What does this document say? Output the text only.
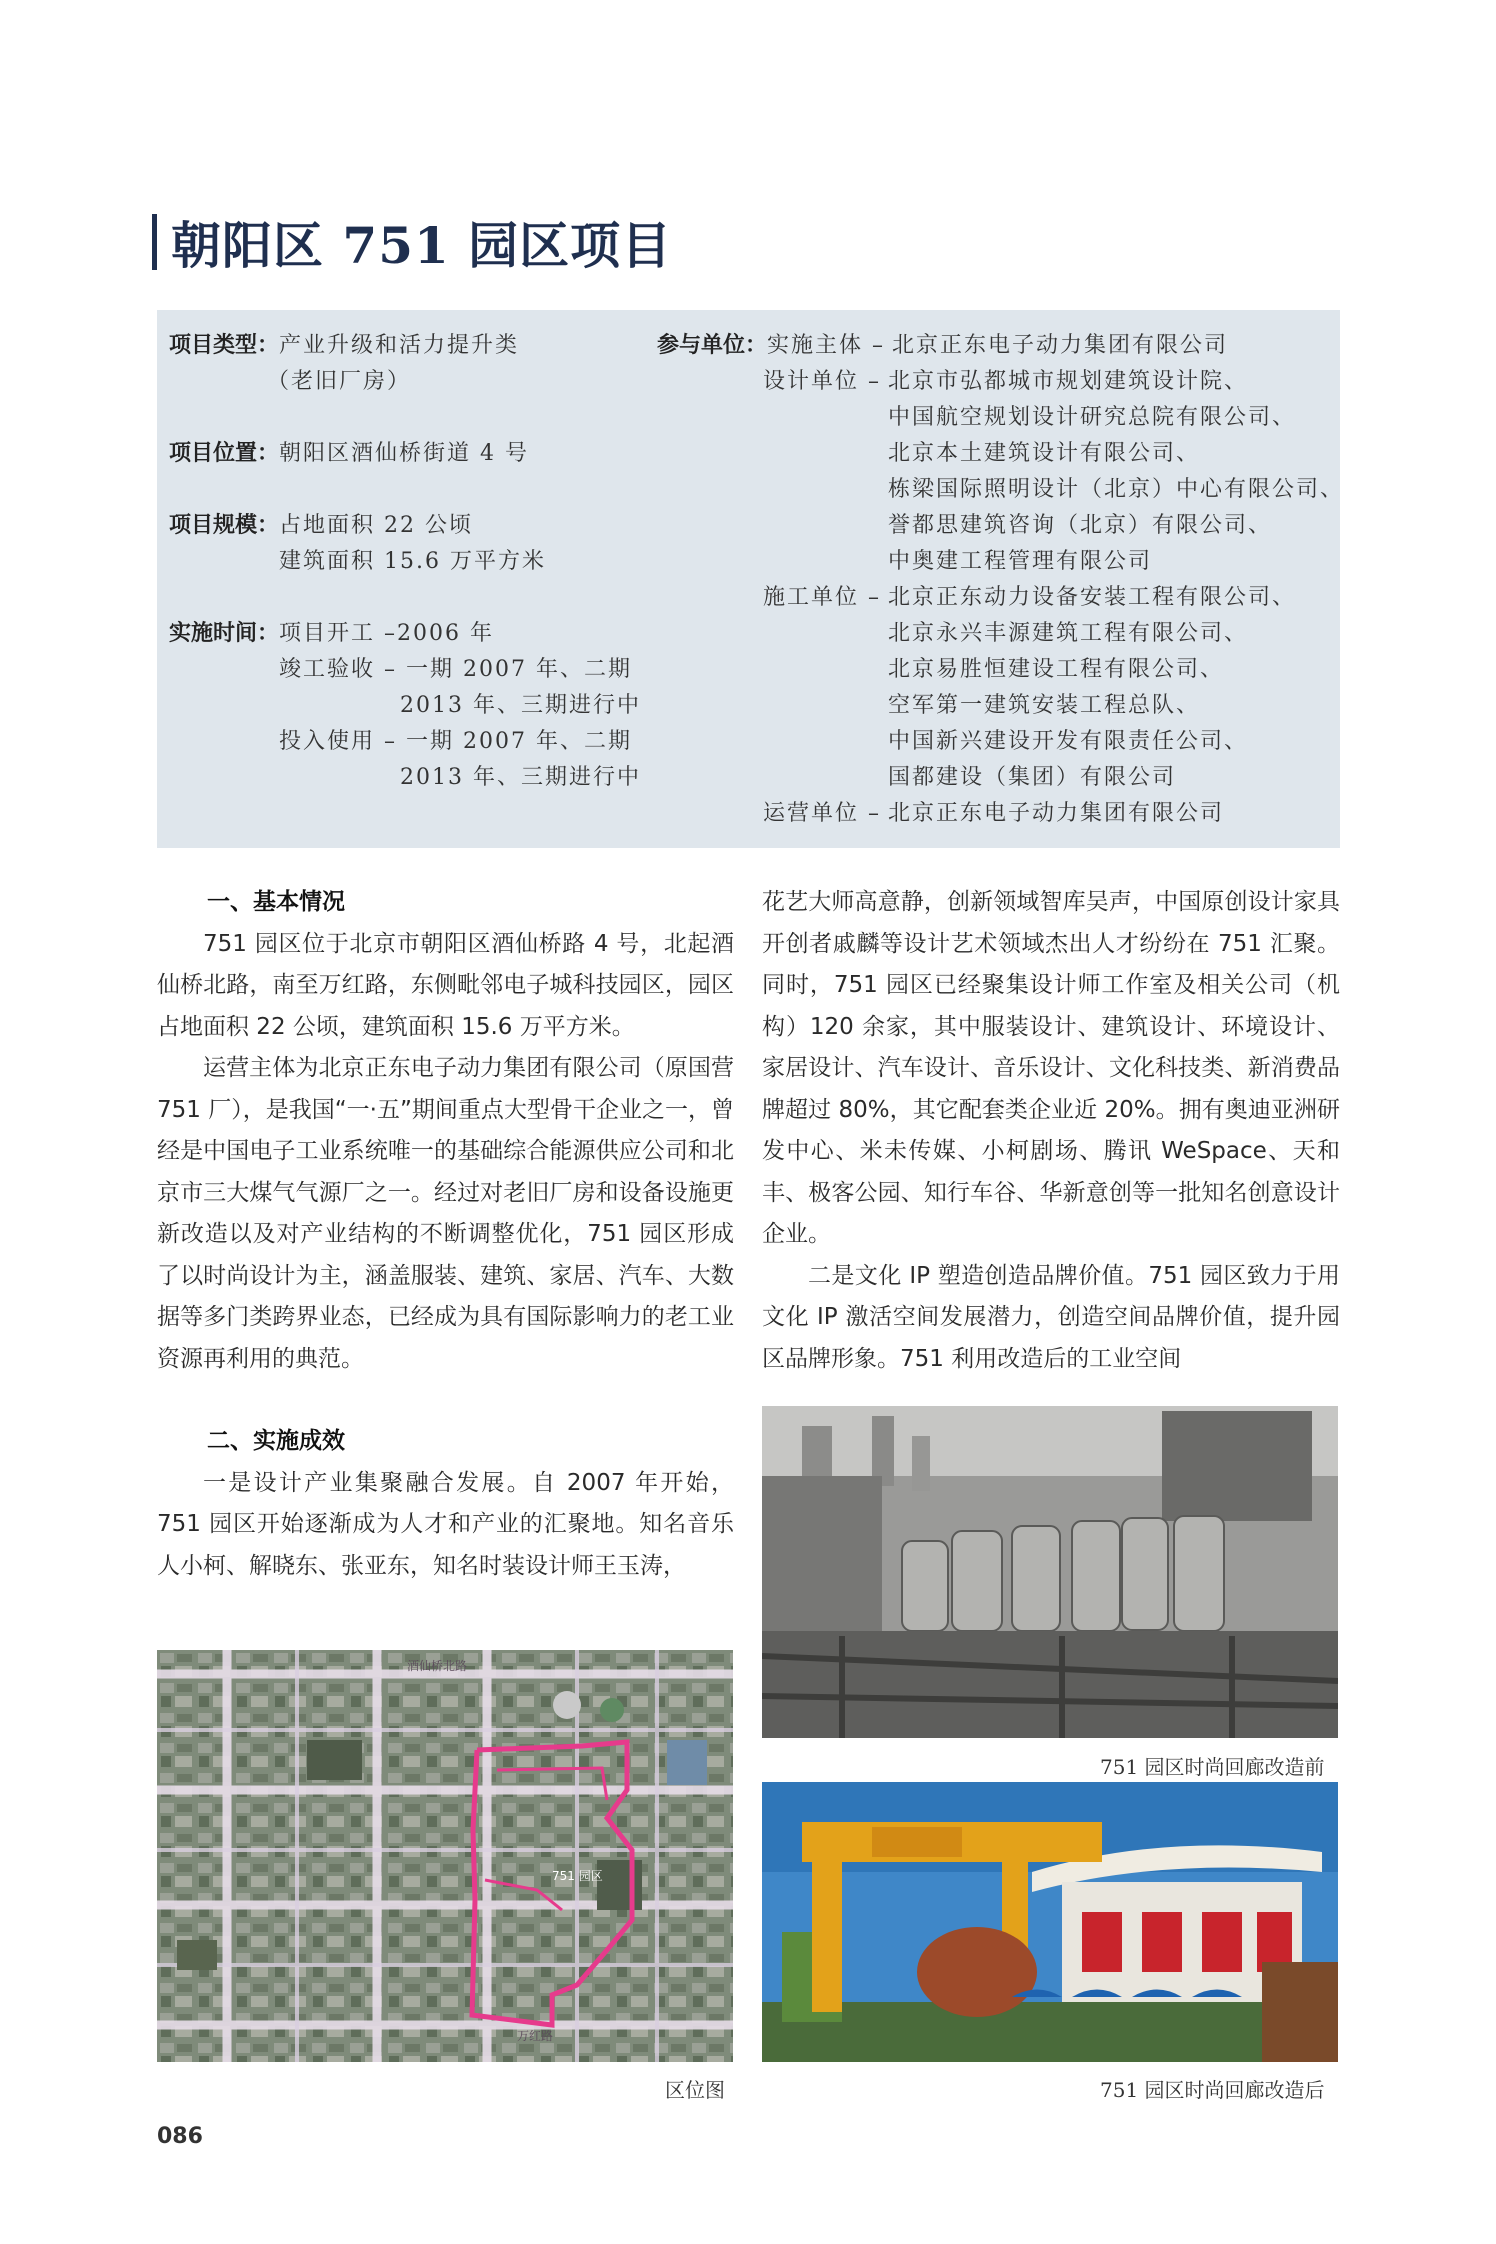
朝阳区 751 园区项目
项目类型： 产业升级和活力提升类
（老旧厂房）
项目位置： 朝阳区酒仙桥街道 4 号
项目规模： 占地面积 22 公顷
建筑面积 15.6 万平方米
实施时间： 项目开工 –2006 年
竣工验收 – 一期 2007 年、二期
2013 年、三期进行中
投入使用 – 一期 2007 年、二期
2013 年、三期进行中
参与单位： 实施主体 – 北京正东电子动力集团有限公司
设计单位 – 北京市弘都城市规划建筑设计院、
中国航空规划设计研究总院有限公司、
北京本土建筑设计有限公司、
栋梁国际照明设计（北京）中心有限公司、
誉都思建筑咨询（北京）有限公司、
中奥建工程管理有限公司
施工单位 – 北京正东动力设备安装工程有限公司、
北京永兴丰源建筑工程有限公司、
北京易胜恒建设工程有限公司、
空军第一建筑安装工程总队、
中国新兴建设开发有限责任公司、
国都建设（集团）有限公司
运营单位 – 北京正东电子动力集团有限公司
一、基本情况

751 园区位于北京市朝阳区酒仙桥路 4 号，北起酒仙桥北路，南至万红路，东侧毗邻电子城科技园区，园区占地面积 22 公顷，建筑面积 15.6 万平方米。

运营主体为北京正东电子动力集团有限公司（原国营 751 厂），是我国“一·五”期间重点大型骨干企业之一，曾经是中国电子工业系统唯一的基础综合能源供应公司和北京市三大煤气气源厂之一。经过对老旧厂房和设备设施更新改造以及对产业结构的不断调整优化，751 园区形成了以时尚设计为主，涵盖服装、建筑、家居、汽车、大数据等多门类跨界业态，已经成为具有国际影响力的老工业资源再利用的典范。

二、实施成效

一是设计产业集聚融合发展。自 2007 年开始，751 园区开始逐渐成为人才和产业的汇聚地。知名音乐人小柯、解晓东、张亚东，知名时装设计师王玉涛，

花艺大师高意静，创新领域智库吴声，中国原创设计家具开创者戚麟等设计艺术领域杰出人才纷纷在 751 汇聚。同时，751 园区已经聚集设计师工作室及相关公司（机构）120 余家，其中服装设计、建筑设计、环境设计、家居设计、汽车设计、音乐设计、文化科技类、新消费品牌超过 80%，其它配套类企业近 20%。拥有奥迪亚洲研发中心、米未传媒、小柯剧场、腾讯 WeSpace、天和丰、极客公园、知行车谷、华新意创等一批知名创意设计企业。

二是文化 IP 塑造创造品牌价值。751 园区致力于用文化 IP 激活空间发展潜力，创造空间品牌价值，提升园区品牌形象。751 利用改造后的工业空间

酒仙桥北路
万红路
751 园区
区位图
751 园区时尚回廊改造前
751 园区时尚回廊改造后
086
